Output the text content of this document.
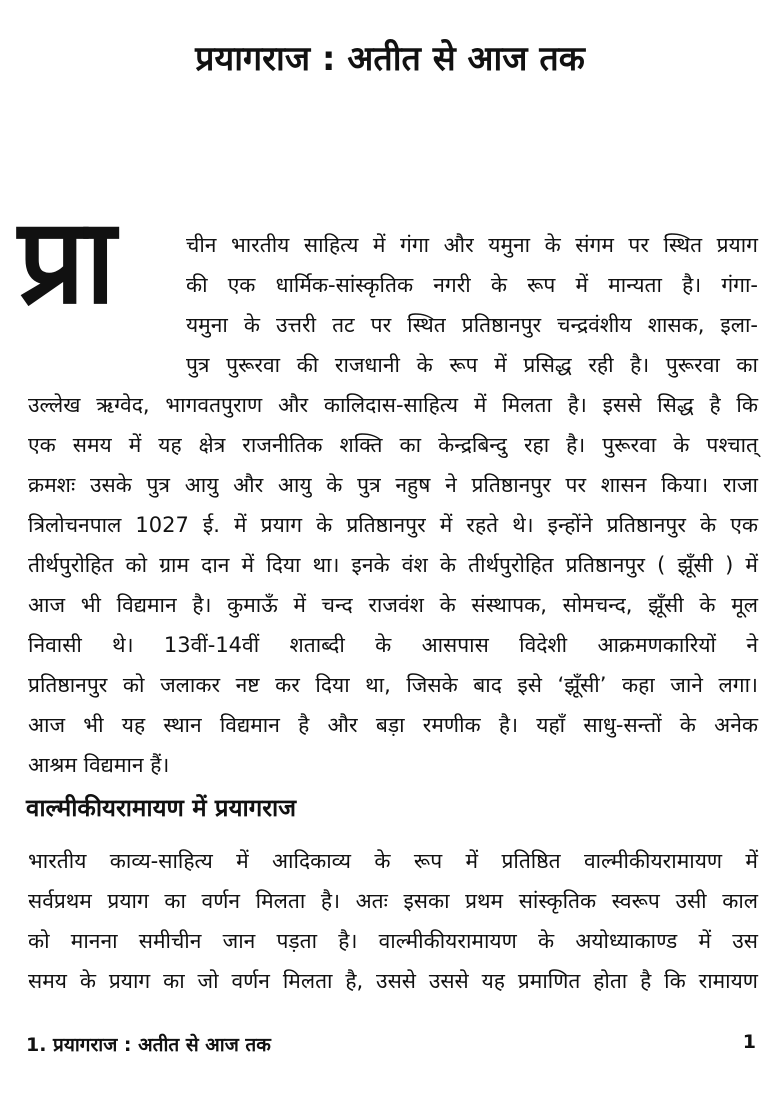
प्रयागराज : अतीत से आज तक
प्रा	चीन भारतीय साहित्य में गंगा और यमुना के संगम पर स्थित प्रयाग
की एक धार्मिक-सांस्कृतिक नगरी के रूप में मान्यता है। गंगा-
यमुना के उत्तरी तट पर स्थित प्रतिष्ठानपुर चन्द्रवंशीय शासक, इला-
पुत्र पुरूरवा की राजधानी के रूप में प्रसिद्ध रही है। पुरूरवा का
उल्लेख ऋग्वेद, भागवतपुराण और कालिदास-साहित्य में मिलता है। इससे सिद्ध है कि
एक समय में यह क्षेत्र राजनीतिक शक्ति का केन्द्रबिन्दु रहा है। पुरूरवा के पश्चात्
क्रमशः उसके पुत्र आयु और आयु के पुत्र नहुष ने प्रतिष्ठानपुर पर शासन किया। राजा
त्रिलोचनपाल 1027 ई. में प्रयाग के प्रतिष्ठानपुर में रहते थे। इन्होंने प्रतिष्ठानपुर के एक
तीर्थपुरोहित को ग्राम दान में दिया था। इनके वंश के तीर्थपुरोहित प्रतिष्ठानपुर ( झूँसी ) में
आज भी विद्यमान है। कुमाऊँ में चन्द राजवंश के संस्थापक, सोमचन्द, झूँसी के मूल
निवासी थे। 13वीं-14वीं शताब्दी के आसपास विदेशी आक्रमणकारियों ने
प्रतिष्ठानपुर को जलाकर नष्ट कर दिया था, जिसके बाद इसे ‘झूँसी’ कहा जाने लगा।
आज भी यह स्थान विद्यमान है और बड़ा रमणीक है। यहाँ साधु-सन्तों के अनेक
आश्रम विद्यमान हैं।
वाल्मीकीयरामायण में प्रयागराज
भारतीय काव्य-साहित्य में आदिकाव्य के रूप में प्रतिष्ठित वाल्मीकीयरामायण में
सर्वप्रथम प्रयाग का वर्णन मिलता है। अतः इसका प्रथम सांस्कृतिक स्वरूप उसी काल
को मानना समीचीन जान पड़ता है। वाल्मीकीयरामायण के अयोध्याकाण्ड में उस
समय के प्रयाग का जो वर्णन मिलता है, उससे उससे यह प्रमाणित होता है कि रामायण
1. प्रयागराज : अतीत से आज तक	1
